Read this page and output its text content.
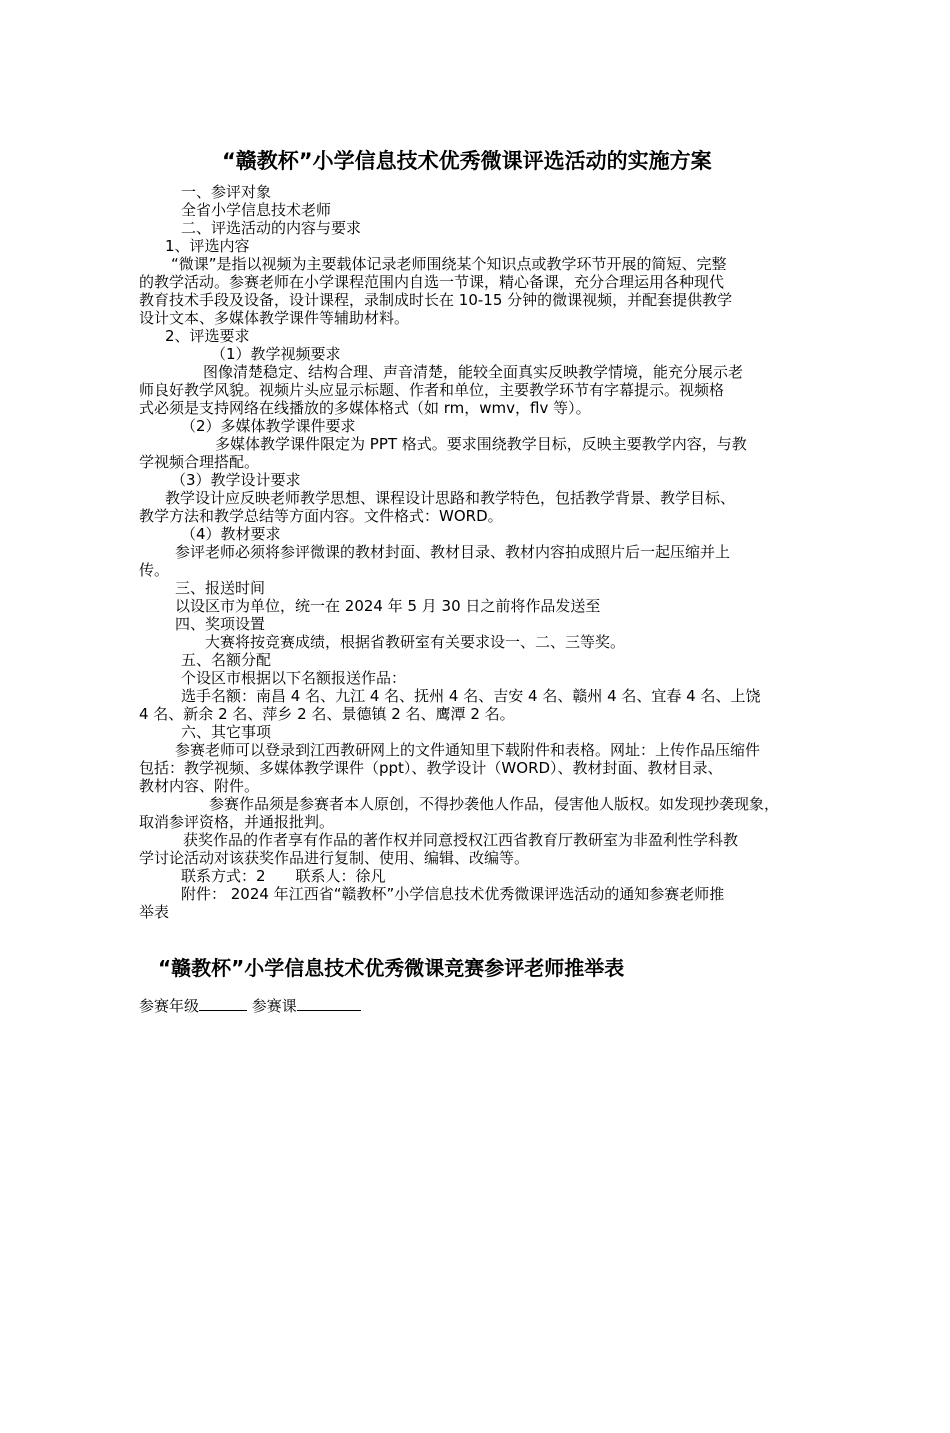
“赣教杯”小学信息技术优秀微课评选活动的实施方案
一、参评对象
全省小学信息技术老师
二、评选活动的内容与要求
1、评选内容
“微课”是指以视频为主要载体记录老师围绕某个知识点或教学环节开展的简短、完整
的教学活动。参赛老师在小学课程范围内自选一节课，精心备课，充分合理运用各种现代
教育技术手段及设备，设计课程，录制成时长在 10-15 分钟的微课视频，并配套提供教学
设计文本、多媒体教学课件等辅助材料。
2、评选要求
（1）教学视频要求
图像清楚稳定、结构合理、声音清楚，能较全面真实反映教学情境，能充分展示老
师良好教学风貌。视频片头应显示标题、作者和单位，主要教学环节有字幕提示。视频格
式必须是支持网络在线播放的多媒体格式（如 rm，wmv，flv 等）。
（2）多媒体教学课件要求
多媒体教学课件限定为 PPT 格式。要求围绕教学目标，反映主要教学内容，与教
学视频合理搭配。
（3）教学设计要求
教学设计应反映老师教学思想、课程设计思路和教学特色，包括教学背景、教学目标、
教学方法和教学总结等方面内容。文件格式：WORD。
（4）教材要求
参评老师必须将参评微课的教材封面、教材目录、教材内容拍成照片后一起压缩并上
传。
三、报送时间
以设区市为单位，统一在 2024 年 5 月 30 日之前将作品发送至
四、奖项设置
大赛将按竞赛成绩，根据省教研室有关要求设一、二、三等奖。
五、名额分配
个设区市根据以下名额报送作品：
选手名额：南昌 4 名、九江 4 名、抚州 4 名、吉安 4 名、赣州 4 名、宜春 4 名、上饶
4 名、新余 2 名、萍乡 2 名、景德镇 2 名、鹰潭 2 名。
六、其它事项
参赛老师可以登录到江西教研网上的文件通知里下载附件和表格。网址：上传作品压缩件
包括：教学视频、多媒体教学课件（ppt）、教学设计（WORD）、教材封面、教材目录、
教材内容、附件。
参赛作品须是参赛者本人原创，不得抄袭他人作品，侵害他人版权。如发现抄袭现象，
取消参评资格，并通报批判。
获奖作品的作者享有作品的著作权并同意授权江西省教育厅教研室为非盈利性学科教
学讨论活动对该获奖作品进行复制、使用、编辑、改编等。
联系方式：2　　联系人：徐凡
附件： 2024 年江西省“赣教杯”小学信息技术优秀微课评选活动的通知参赛老师推
举表
“赣教杯”小学信息技术优秀微课竞赛参评老师推举表
参赛年级	参赛课
